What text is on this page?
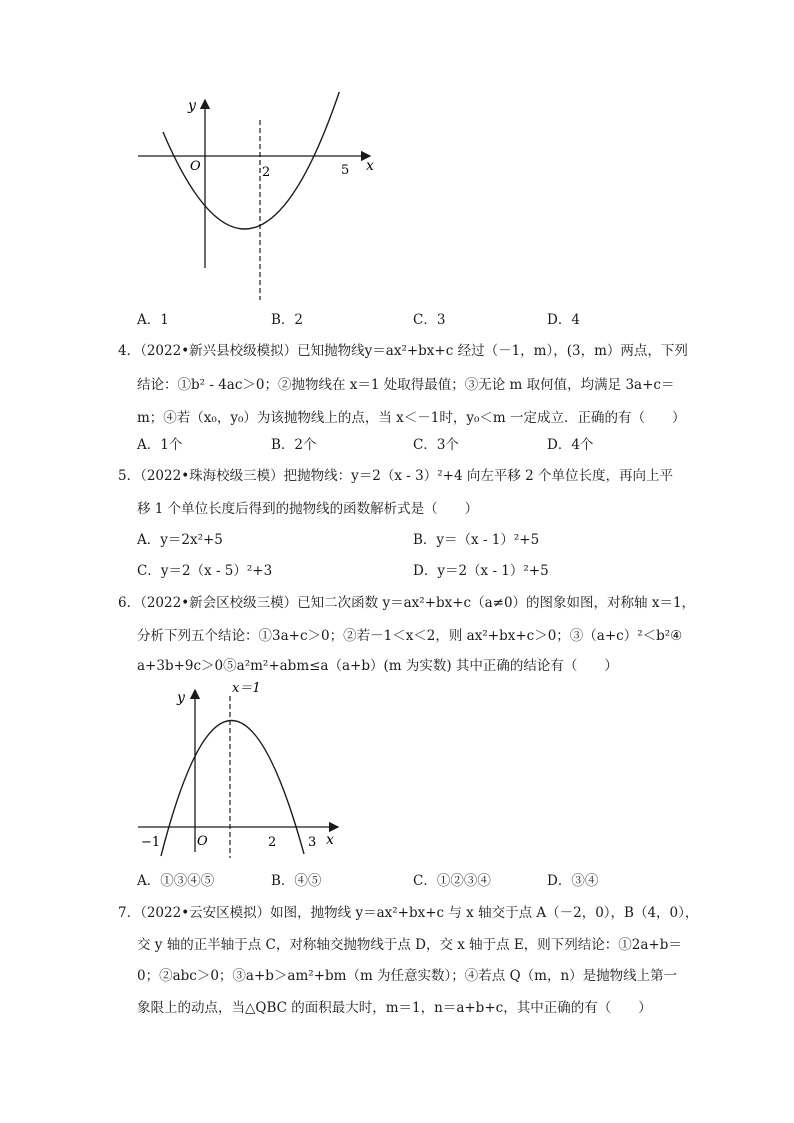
y
x
O	2	5
A．1	B．2	C．3	D．4
4．（2022•新兴县校级模拟）已知抛物线y＝ax²+bx+c 经过（－1，m），(3，m）两点，下列
结论：①b² - 4ac＞0；②抛物线在 x＝1 处取得最值；③无论 m 取何值，均满足 3a+c＝
m；④若（x₀，y₀）为该抛物线上的点，当 x＜－1时，y₀＜m 一定成立．正确的有（　　）
A．1个	B．2个	C．3个	D．4个
5．（2022•珠海校级三模）把抛物线：y＝2（x - 3）²+4 向左平移 2 个单位长度，再向上平
移 1 个单位长度后得到的抛物线的函数解析式是（　　）
A．y＝2x²+5	B．y＝（x - 1）²+5
C．y＝2（x - 5）²+3	D．y＝2（x - 1）²+5
6．（2022•新会区校级三模）已知二次函数 y＝ax²+bx+c（a≠0）的图象如图，对称轴 x＝1，
分析下列五个结论：①3a+c＞0；②若－1＜x＜2，则 ax²+bx+c＞0；③（a+c）²＜b²④
a+3b+9c＞0⑤a²m²+abm≤a（a+b）(m 为实数) 其中正确的结论有（　　）
x＝1
y
x
O
−1	2 3
A．①③④⑤	B．④⑤	C．①②③④	D．③④
7．（2022•云安区模拟）如图，抛物线 y＝ax²+bx+c 与 x 轴交于点 A（－2，0），B（4，0），
交 y 轴的正半轴于点 C，对称轴交抛物线于点 D，交 x 轴于点 E，则下列结论：①2a+b＝
0；②abc＞0；③a+b＞am²+bm（m 为任意实数）；④若点 Q（m，n）是抛物线上第一
象限上的动点，当△QBC 的面积最大时，m＝1，n＝a+b+c，其中正确的有（　　）
